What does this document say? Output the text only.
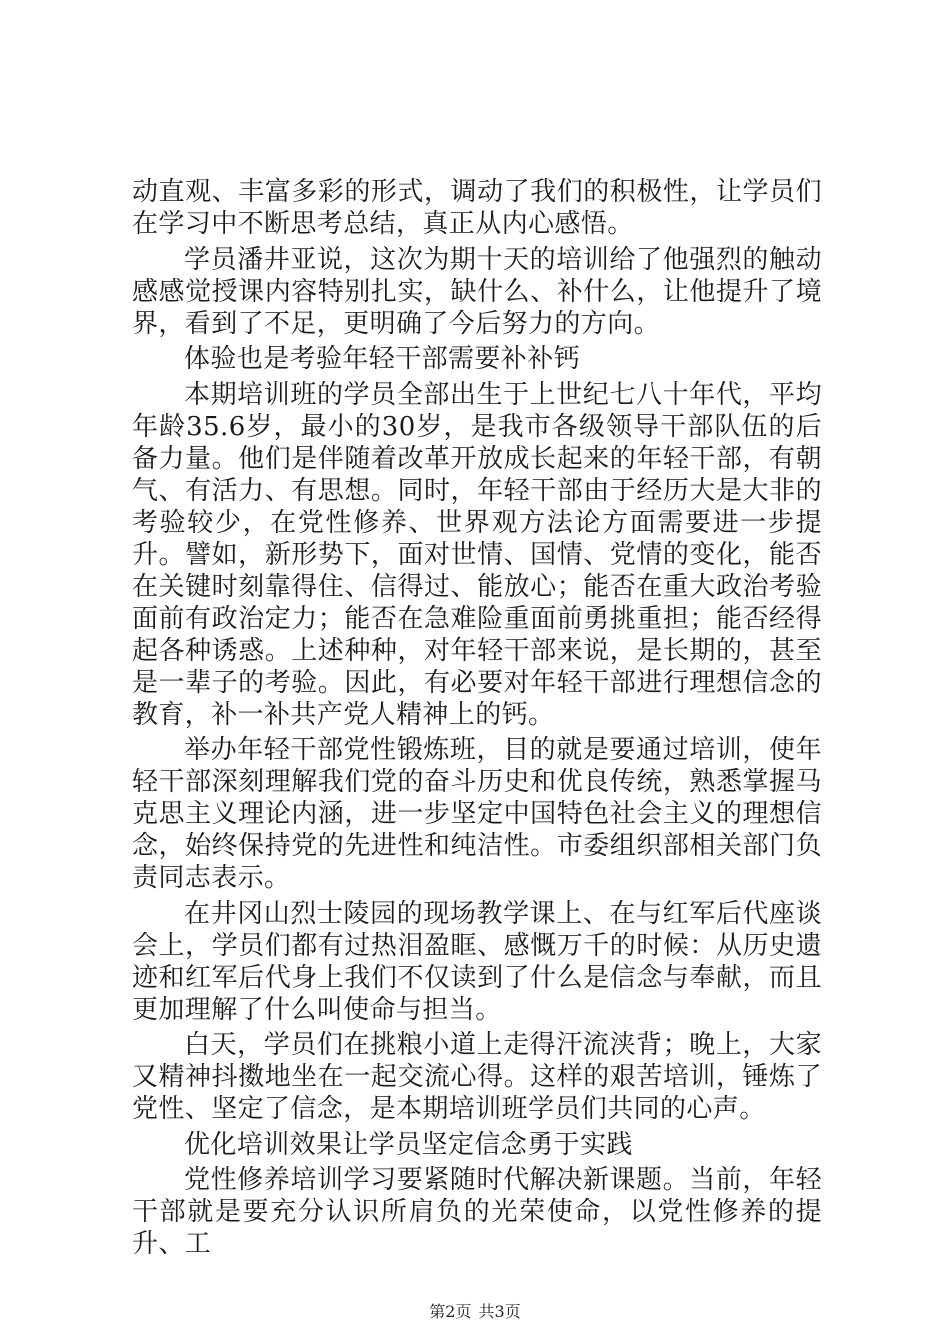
动直观、丰富多彩的形式，调动了我们的积极性，让学员们在学习中不断思考总结，真正从内心感悟。

学员潘井亚说，这次为期十天的培训给了他强烈的触动感感觉授课内容特别扎实，缺什么、补什么，让他提升了境界，看到了不足，更明确了今后努力的方向。

体验也是考验年轻干部需要补补钙

本期培训班的学员全部出生于上世纪七八十年代，平均年龄35.6岁，最小的30岁，是我市各级领导干部队伍的后备力量。他们是伴随着改革开放成长起来的年轻干部，有朝气、有活力、有思想。同时，年轻干部由于经历大是大非的考验较少，在党性修养、世界观方法论方面需要进一步提升。譬如，新形势下，面对世情、国情、党情的变化，能否在关键时刻靠得住、信得过、能放心；能否在重大政治考验面前有政治定力；能否在急难险重面前勇挑重担；能否经得起各种诱惑。上述种种，对年轻干部来说，是长期的，甚至是一辈子的考验。因此，有必要对年轻干部进行理想信念的教育，补一补共产党人精神上的钙。

举办年轻干部党性锻炼班，目的就是要通过培训，使年轻干部深刻理解我们党的奋斗历史和优良传统，熟悉掌握马克思主义理论内涵，进一步坚定中国特色社会主义的理想信念，始终保持党的先进性和纯洁性。市委组织部相关部门负责同志表示。

在井冈山烈士陵园的现场教学课上、在与红军后代座谈会上，学员们都有过热泪盈眶、感慨万千的时候：从历史遗迹和红军后代身上我们不仅读到了什么是信念与奉献，而且更加理解了什么叫使命与担当。

白天，学员们在挑粮小道上走得汗流浃背；晚上，大家又精神抖擞地坐在一起交流心得。这样的艰苦培训，锤炼了党性、坚定了信念，是本期培训班学员们共同的心声。

优化培训效果让学员坚定信念勇于实践

党性修养培训学习要紧随时代解决新课题。当前，年轻干部就是要充分认识所肩负的光荣使命，以党性修养的提升、工

第2页 共3页
